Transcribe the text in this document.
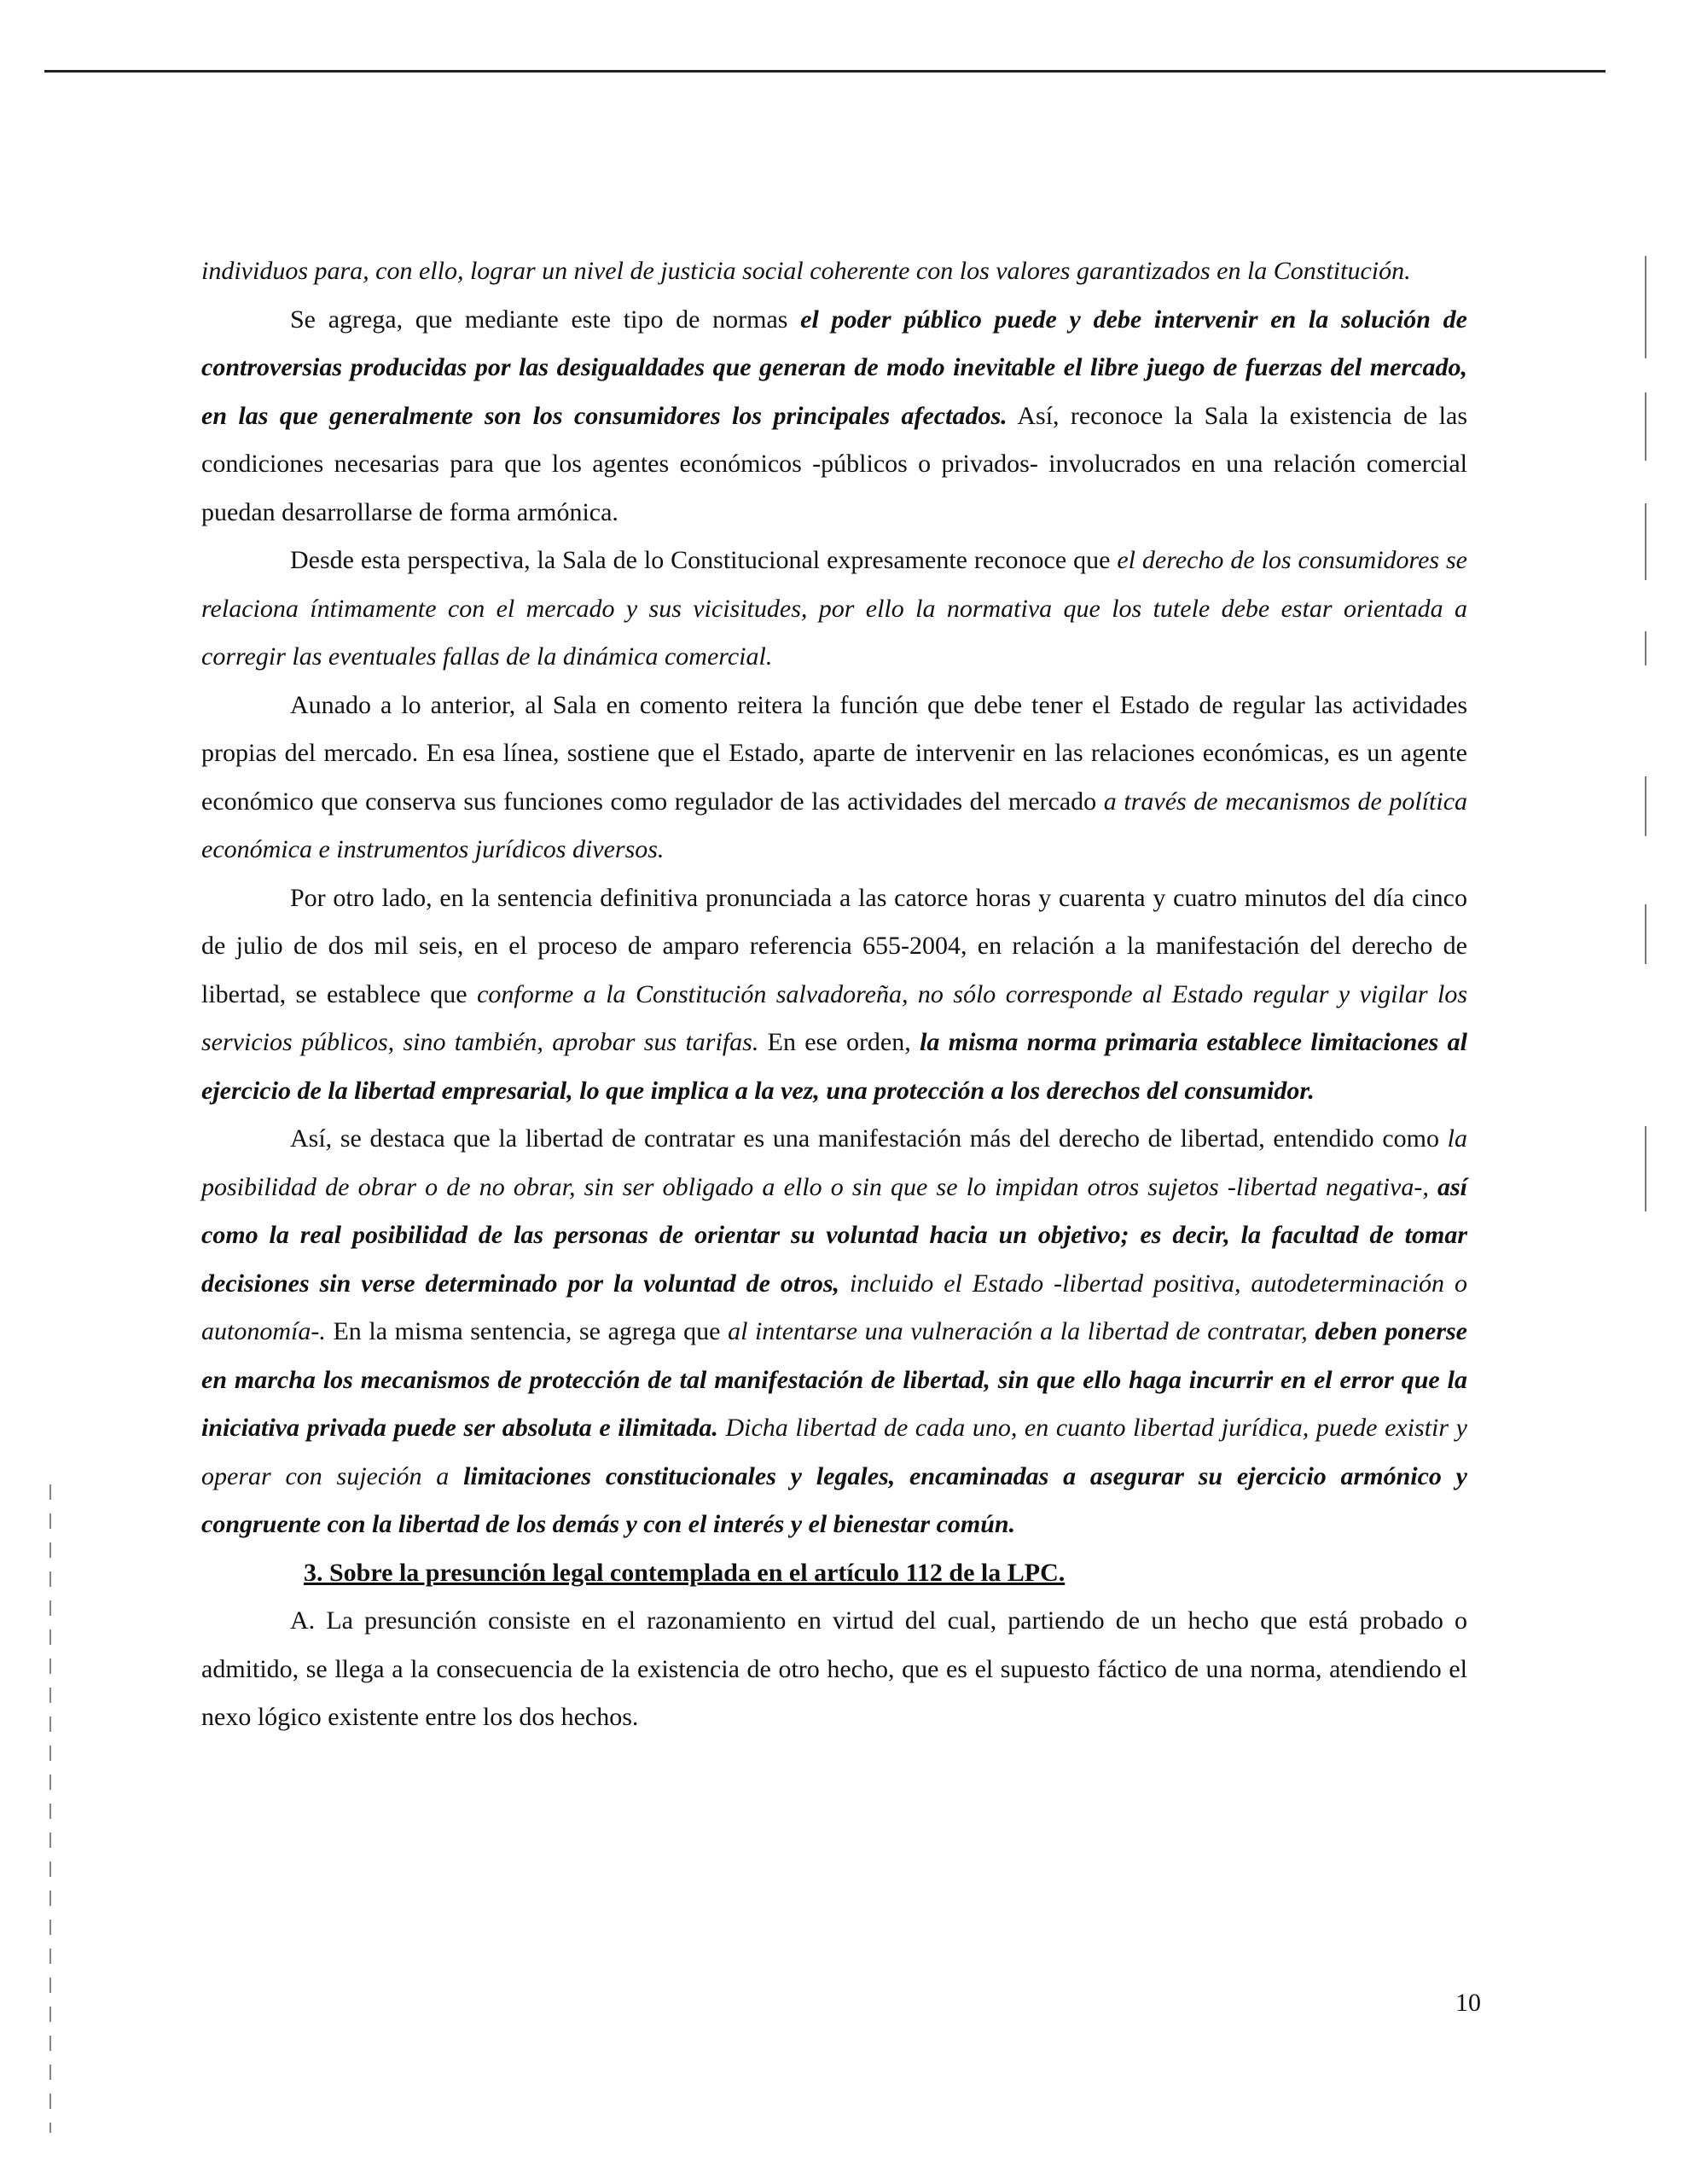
individuos para, con ello, lograr un nivel de justicia social coherente con los valores garantizados en la Constitución.

Se agrega, que mediante este tipo de normas el poder público puede y debe intervenir en la solución de controversias producidas por las desigualdades que generan de modo inevitable el libre juego de fuerzas del mercado, en las que generalmente son los consumidores los principales afectados. Así, reconoce la Sala la existencia de las condiciones necesarias para que los agentes económicos -públicos o privados- involucrados en una relación comercial puedan desarrollarse de forma armónica.

Desde esta perspectiva, la Sala de lo Constitucional expresamente reconoce que el derecho de los consumidores se relaciona íntimamente con el mercado y sus vicisitudes, por ello la normativa que los tutele debe estar orientada a corregir las eventuales fallas de la dinámica comercial.

Aunado a lo anterior, al Sala en comento reitera la función que debe tener el Estado de regular las actividades propias del mercado. En esa línea, sostiene que el Estado, aparte de intervenir en las relaciones económicas, es un agente económico que conserva sus funciones como regulador de las actividades del mercado a través de mecanismos de política económica e instrumentos jurídicos diversos.

Por otro lado, en la sentencia definitiva pronunciada a las catorce horas y cuarenta y cuatro minutos del día cinco de julio de dos mil seis, en el proceso de amparo referencia 655-2004, en relación a la manifestación del derecho de libertad, se establece que conforme a la Constitución salvadoreña, no sólo corresponde al Estado regular y vigilar los servicios públicos, sino también, aprobar sus tarifas. En ese orden, la misma norma primaria establece limitaciones al ejercicio de la libertad empresarial, lo que implica a la vez, una protección a los derechos del consumidor.

Así, se destaca que la libertad de contratar es una manifestación más del derecho de libertad, entendido como la posibilidad de obrar o de no obrar, sin ser obligado a ello o sin que se lo impidan otros sujetos -libertad negativa-, así como la real posibilidad de las personas de orientar su voluntad hacia un objetivo; es decir, la facultad de tomar decisiones sin verse determinado por la voluntad de otros, incluido el Estado -libertad positiva, autodeterminación o autonomía-. En la misma sentencia, se agrega que al intentarse una vulneración a la libertad de contratar, deben ponerse en marcha los mecanismos de protección de tal manifestación de libertad, sin que ello haga incurrir en el error que la iniciativa privada puede ser absoluta e ilimitada. Dicha libertad de cada uno, en cuanto libertad jurídica, puede existir y operar con sujeción a limitaciones constitucionales y legales, encaminadas a asegurar su ejercicio armónico y congruente con la libertad de los demás y con el interés y el bienestar común.

3. Sobre la presunción legal contemplada en el artículo 112 de la LPC.

A. La presunción consiste en el razonamiento en virtud del cual, partiendo de un hecho que está probado o admitido, se llega a la consecuencia de la existencia de otro hecho, que es el supuesto fáctico de una norma, atendiendo el nexo lógico existente entre los dos hechos.

10
